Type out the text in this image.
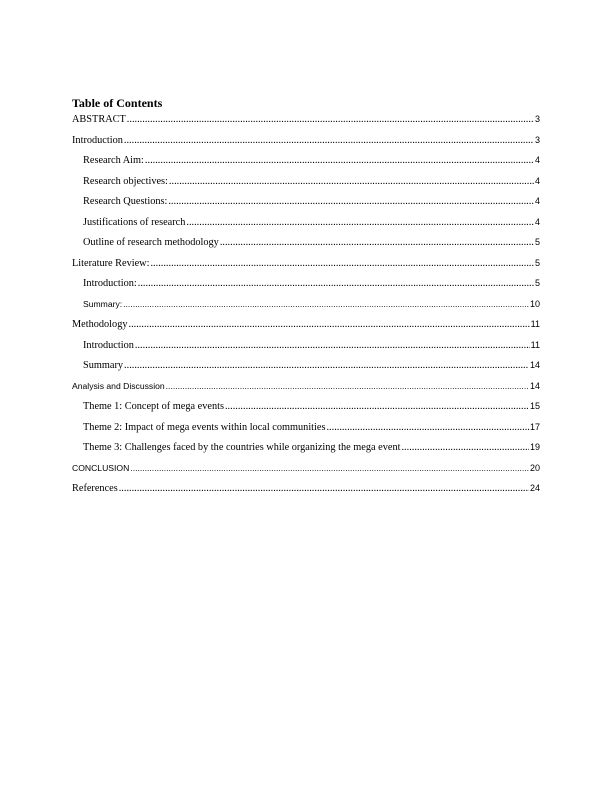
Table of Contents
ABSTRACT .....	3
Introduction .....	3
Research Aim: .....	4
Research objectives: .....	4
Research Questions: .....	4
Justifications of research .....	4
Outline of research methodology .....	5
Literature Review: .....	5
Introduction: .....	5
Summary: .....	10
Methodology .....	11
Introduction .....	11
Summary .....	14
Analysis and Discussion .....	14
Theme 1: Concept of mega events .....	15
Theme 2: Impact of mega events within local communities .....	17
Theme 3: Challenges faced by the countries while organizing the mega event .....	19
CONCLUSION .....	20
References .....	24
